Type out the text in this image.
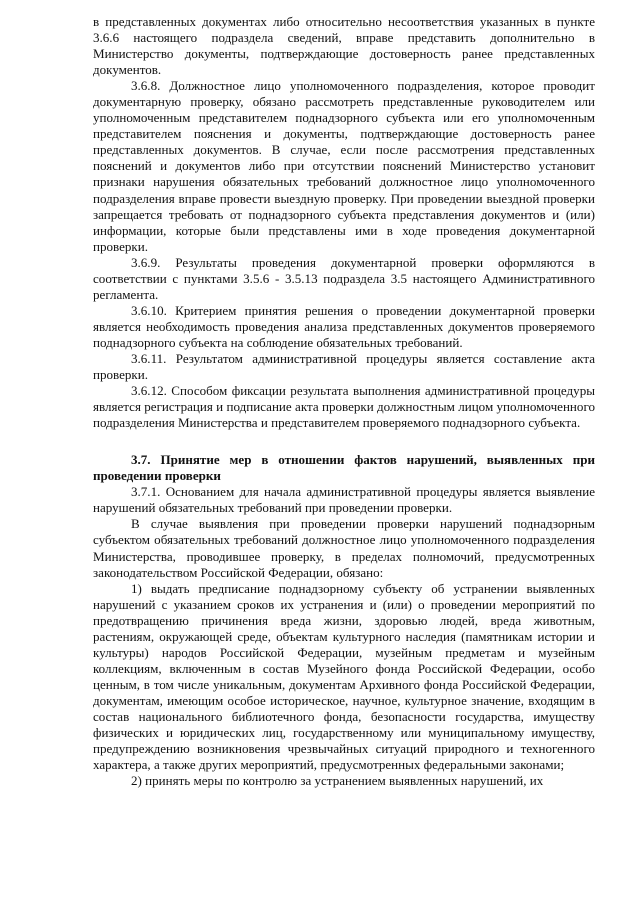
в представленных документах либо относительно несоответствия указанных в пункте 3.6.6 настоящего подраздела сведений, вправе представить дополнительно в Министерство документы, подтверждающие достоверность ранее представленных документов.

3.6.8. Должностное лицо уполномоченного подразделения, которое проводит документарную проверку, обязано рассмотреть представленные руководителем или уполномоченным представителем поднадзорного субъекта или его уполномоченным представителем пояснения и документы, подтверждающие достоверность ранее представленных документов. В случае, если после рассмотрения представленных пояснений и документов либо при отсутствии пояснений Министерство установит признаки нарушения обязательных требований должностное лицо уполномоченного подразделения вправе провести выездную проверку. При проведении выездной проверки запрещается требовать от поднадзорного субъекта представления документов и (или) информации, которые были представлены ими в ходе проведения документарной проверки.

3.6.9. Результаты проведения документарной проверки оформляются в соответствии с пунктами 3.5.6 - 3.5.13 подраздела 3.5 настоящего Административного регламента.

3.6.10. Критерием принятия решения о проведении документарной проверки является необходимость проведения анализа представленных документов проверяемого поднадзорного субъекта на соблюдение обязательных требований.

3.6.11. Результатом административной процедуры является составление акта проверки.

3.6.12. Способом фиксации результата выполнения административной процедуры является регистрация и подписание акта проверки должностным лицом уполномоченного подразделения Министерства и представителем проверяемого поднадзорного субъекта.

3.7. Принятие мер в отношении фактов нарушений, выявленных при проведении проверки

3.7.1. Основанием для начала административной процедуры является выявление нарушений обязательных требований при проведении проверки.

В случае выявления при проведении проверки нарушений поднадзорным субъектом обязательных требований должностное лицо уполномоченного подразделения Министерства, проводившее проверку, в пределах полномочий, предусмотренных законодательством Российской Федерации, обязано:

1) выдать предписание поднадзорному субъекту об устранении выявленных нарушений с указанием сроков их устранения и (или) о проведении мероприятий по предотвращению причинения вреда жизни, здоровью людей, вреда животным, растениям, окружающей среде, объектам культурного наследия (памятникам истории и культуры) народов Российской Федерации, музейным предметам и музейным коллекциям, включенным в состав Музейного фонда Российской Федерации, особо ценным, в том числе уникальным, документам Архивного фонда Российской Федерации, документам, имеющим особое историческое, научное, культурное значение, входящим в состав национального библиотечного фонда, безопасности государства, имуществу физических и юридических лиц, государственному или муниципальному имуществу, предупреждению возникновения чрезвычайных ситуаций природного и техногенного характера, а также других мероприятий, предусмотренных федеральными законами;

2) принять меры по контролю за устранением выявленных нарушений, их
